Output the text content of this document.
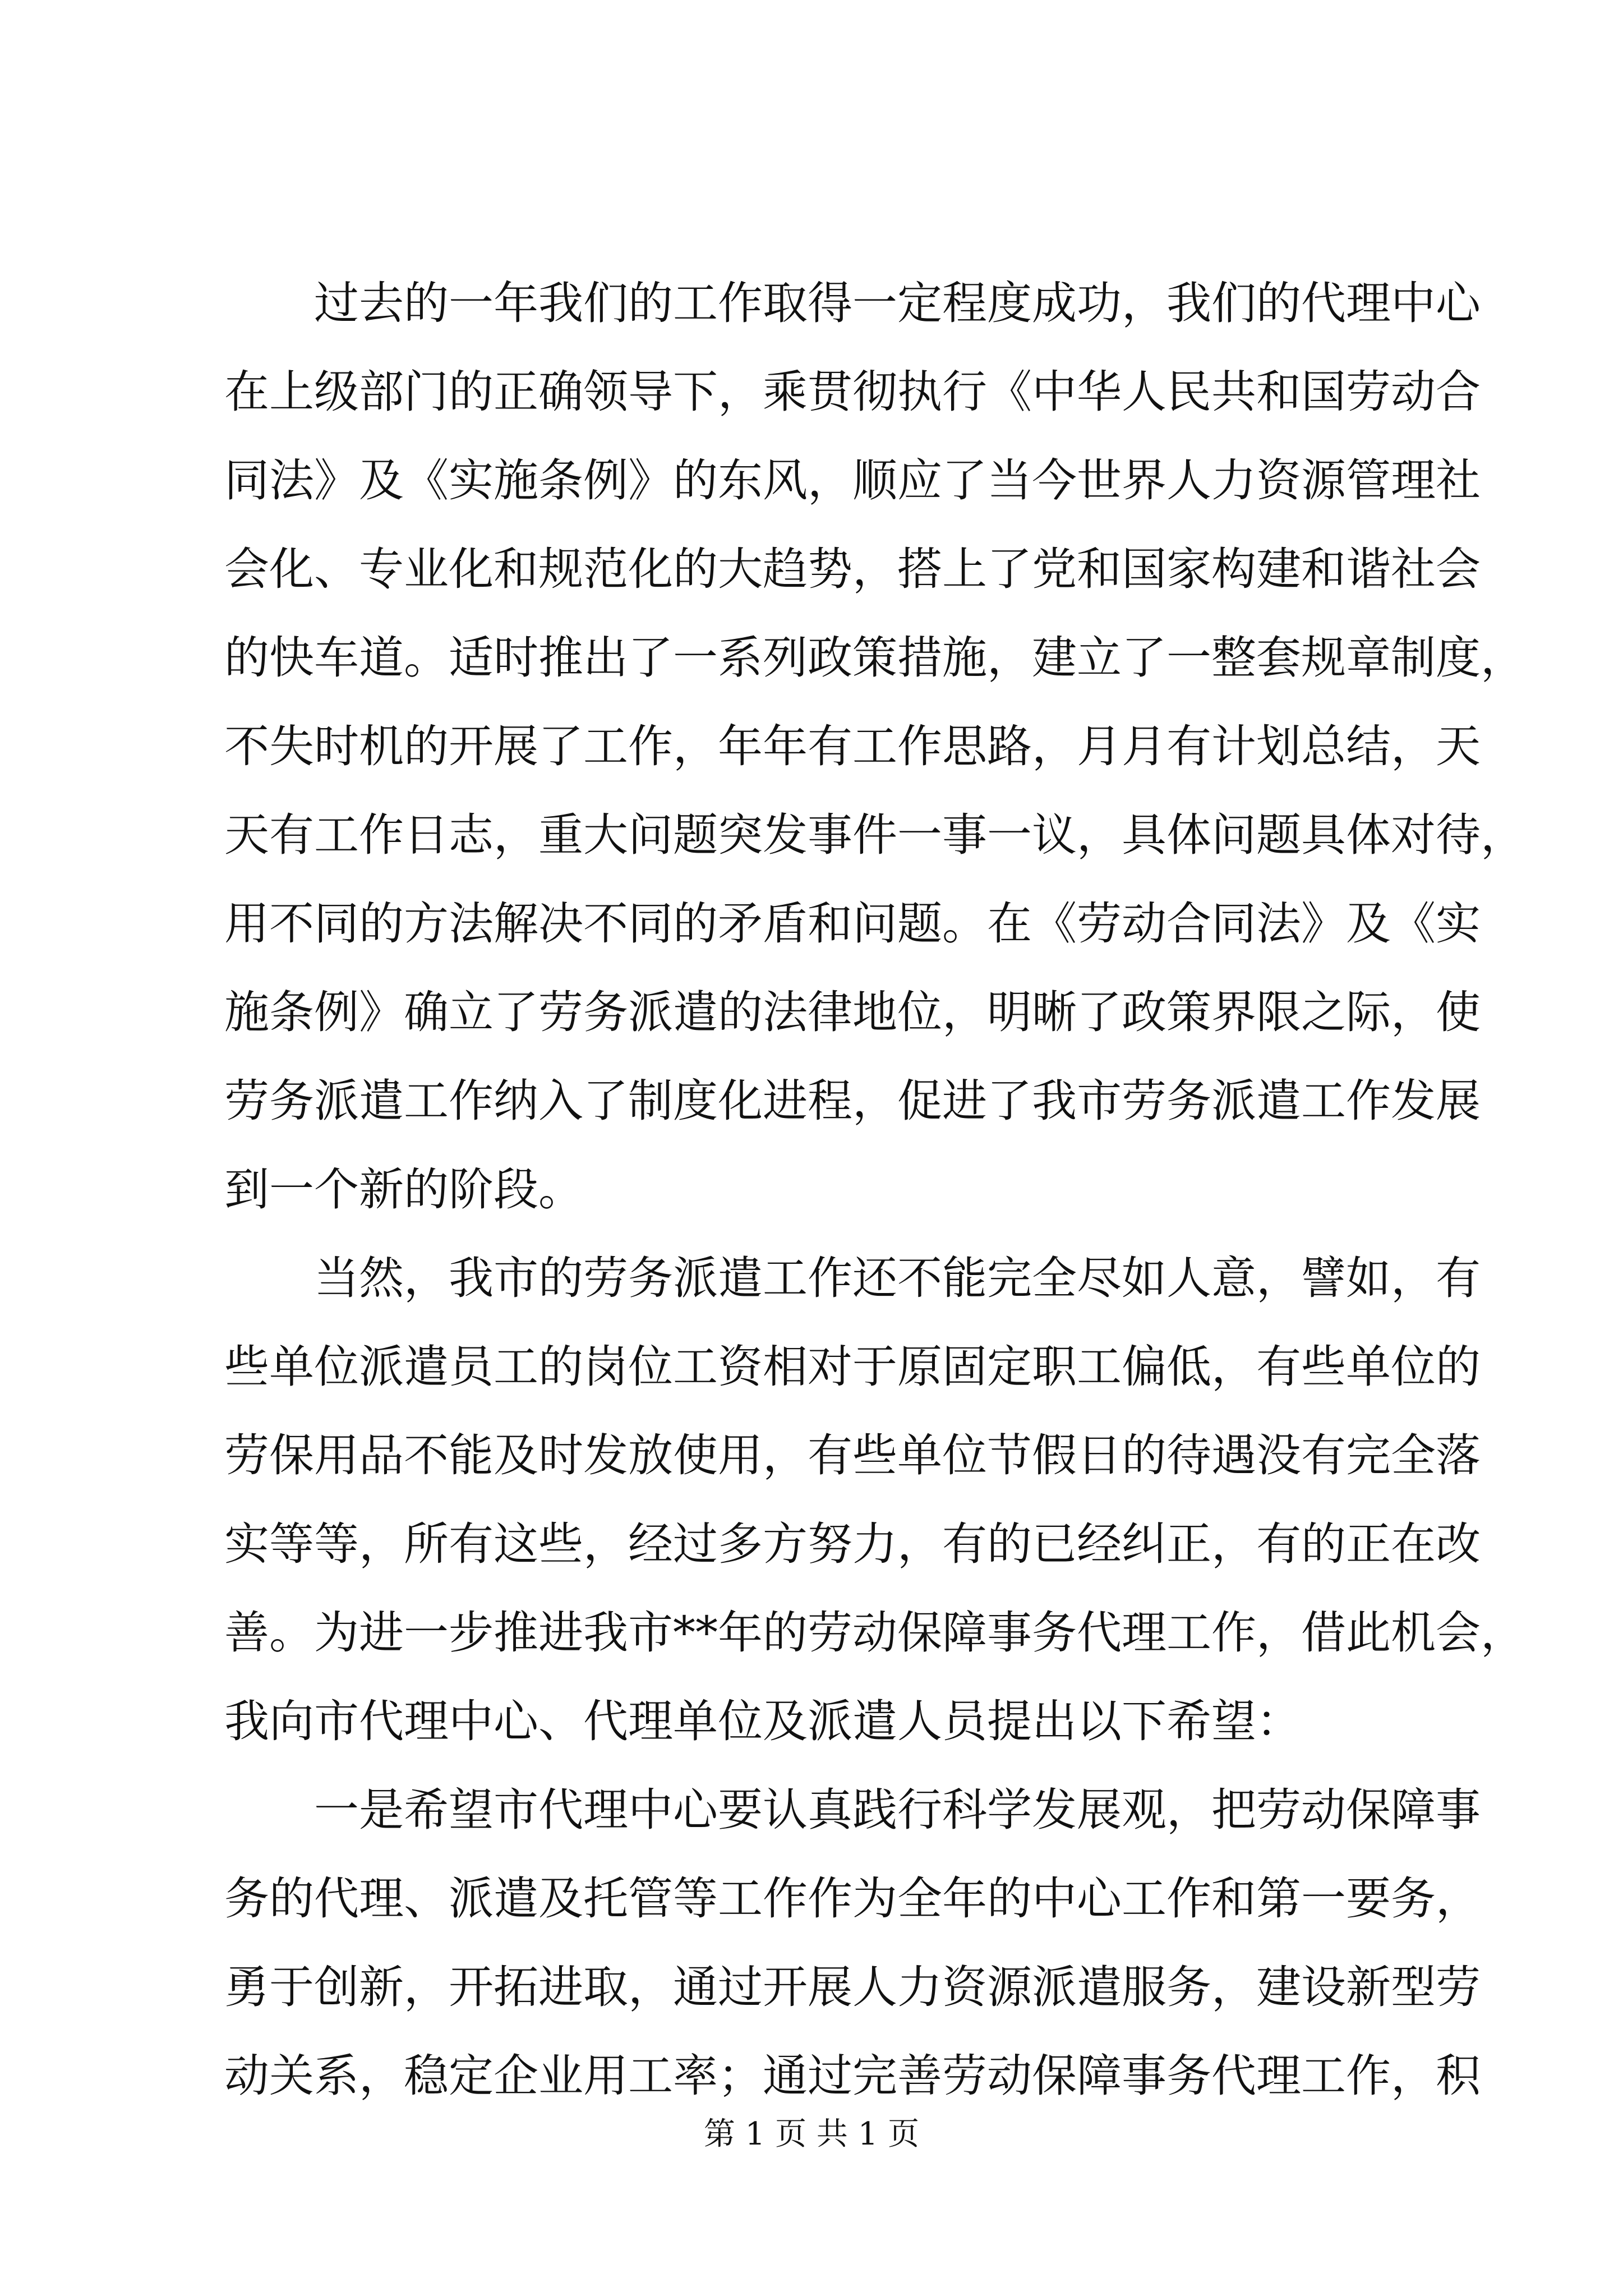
过去的一年我们的工作取得一定程度成功，我们的代理中心
在上级部门的正确领导下，乘贯彻执行《中华人民共和国劳动合
同法》及《实施条例》的东风，顺应了当今世界人力资源管理社
会化、专业化和规范化的大趋势，搭上了党和国家构建和谐社会
的快车道。适时推出了一系列政策措施，建立了一整套规章制度，
不失时机的开展了工作，年年有工作思路，月月有计划总结，天
天有工作日志，重大问题突发事件一事一议，具体问题具体对待，
用不同的方法解决不同的矛盾和问题。在《劳动合同法》及《实
施条例》确立了劳务派遣的法律地位，明晰了政策界限之际，使
劳务派遣工作纳入了制度化进程，促进了我市劳务派遣工作发展
到一个新的阶段。
当然，我市的劳务派遣工作还不能完全尽如人意，譬如，有
些单位派遣员工的岗位工资相对于原固定职工偏低，有些单位的
劳保用品不能及时发放使用，有些单位节假日的待遇没有完全落
实等等，所有这些，经过多方努力，有的已经纠正，有的正在改
善。为进一步推进我市**年的劳动保障事务代理工作，借此机会，
我向市代理中心、代理单位及派遣人员提出以下希望：
一是希望市代理中心要认真践行科学发展观，把劳动保障事
务的代理、派遣及托管等工作作为全年的中心工作和第一要务，
勇于创新，开拓进取，通过开展人力资源派遣服务，建设新型劳
动关系，稳定企业用工率；通过完善劳动保障事务代理工作，积
第 1 页 共 1 页
